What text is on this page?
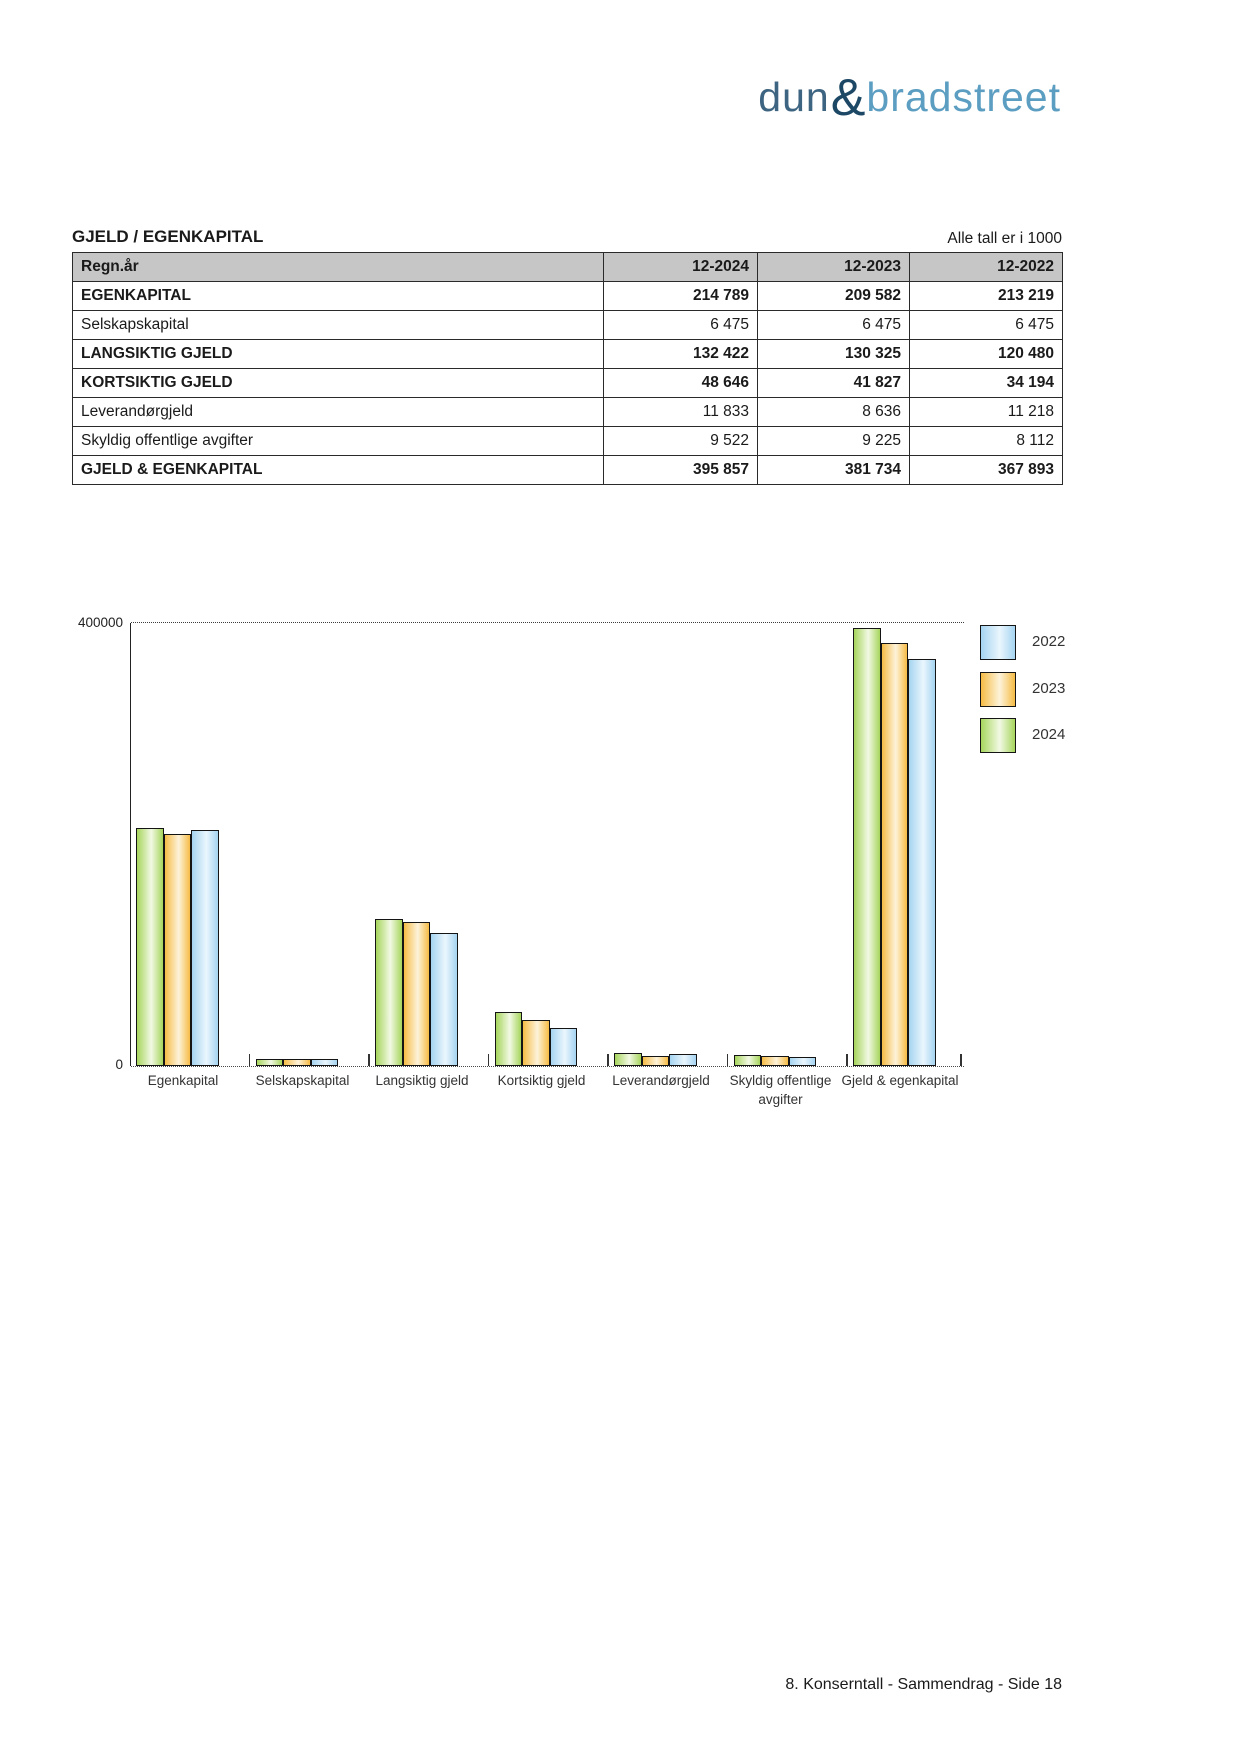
dun&bradstreet
GJELD / EGENKAPITAL	Alle tall er i 1000
Regn.år	12-2024	12-2023	12-2022
EGENKAPITAL	214 789	209 582	213 219
Selskapskapital	6 475	6 475	6 475
LANGSIKTIG GJELD	132 422	130 325	120 480
KORTSIKTIG GJELD	48 646	41 827	34 194
Leverandørgjeld	11 833	8 636	11 218
Skyldig offentlige avgifter	9 522	9 225	8 112
GJELD & EGENKAPITAL	395 857	381 734	367 893
400000
0
Egenkapital	Selskapskapital	Langsiktig gjeld	Kortsiktig gjeld	Leverandørgjeld	Skyldig offentlige avgifter
Gjeld & egenkapital
2022
2023
2024
8. Konserntall - Sammendrag - Side 18
